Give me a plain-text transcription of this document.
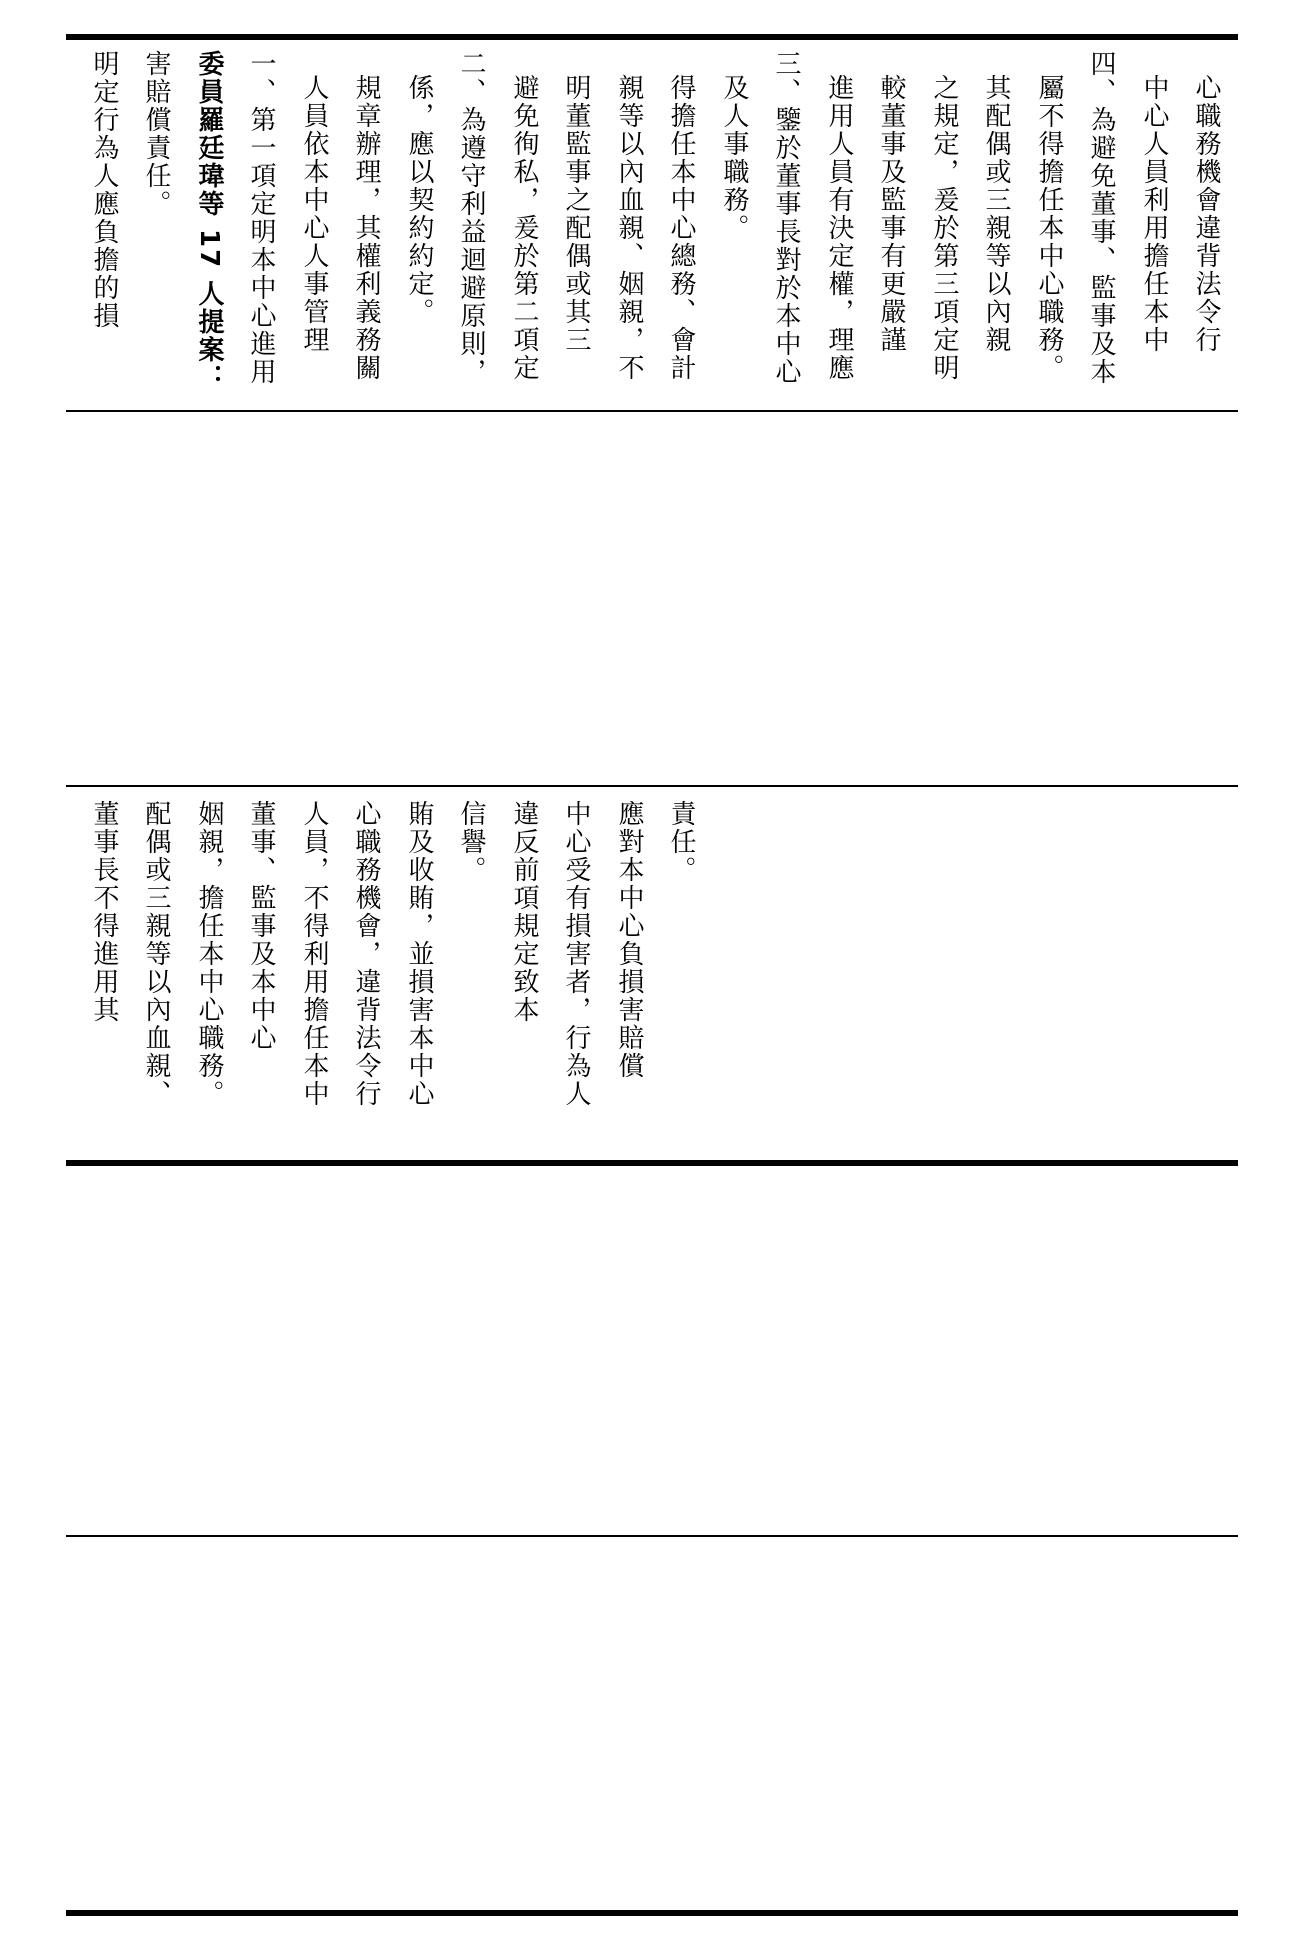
明定行為人應負擔的損 害賠償責任。 委員羅廷瑋等 17 人提案： 一、第一項定明本中心進用 人員依本中心人事管理 規章辦理，其權利義務關 係，應以契約約定。 二、為遵守利益迴避原則， 避免徇私，爰於第二項定 明董監事之配偶或其三 親等以內血親、姻親，不 得擔任本中心總務、會計 及人事職務。 三、鑒於董事長對於本中心 進用人員有決定權，理應 較董事及監事有更嚴謹 之規定，爰於第三項定明 其配偶或三親等以內親 屬不得擔任本中心職務。 四、為避免董事、監事及本 中心人員利用擔任本中 心職務機會違背法令行

董事長不得進用其 配偶或三親等以內血親、 姻親，擔任本中心職務。 董事、監事及本中心 人員，不得利用擔任本中 心職務機會，違背法令行 賄及收賄，並損害本中心 信譽。 違反前項規定致本 中心受有損害者，行為人 應對本中心負損害賠償 責任。
